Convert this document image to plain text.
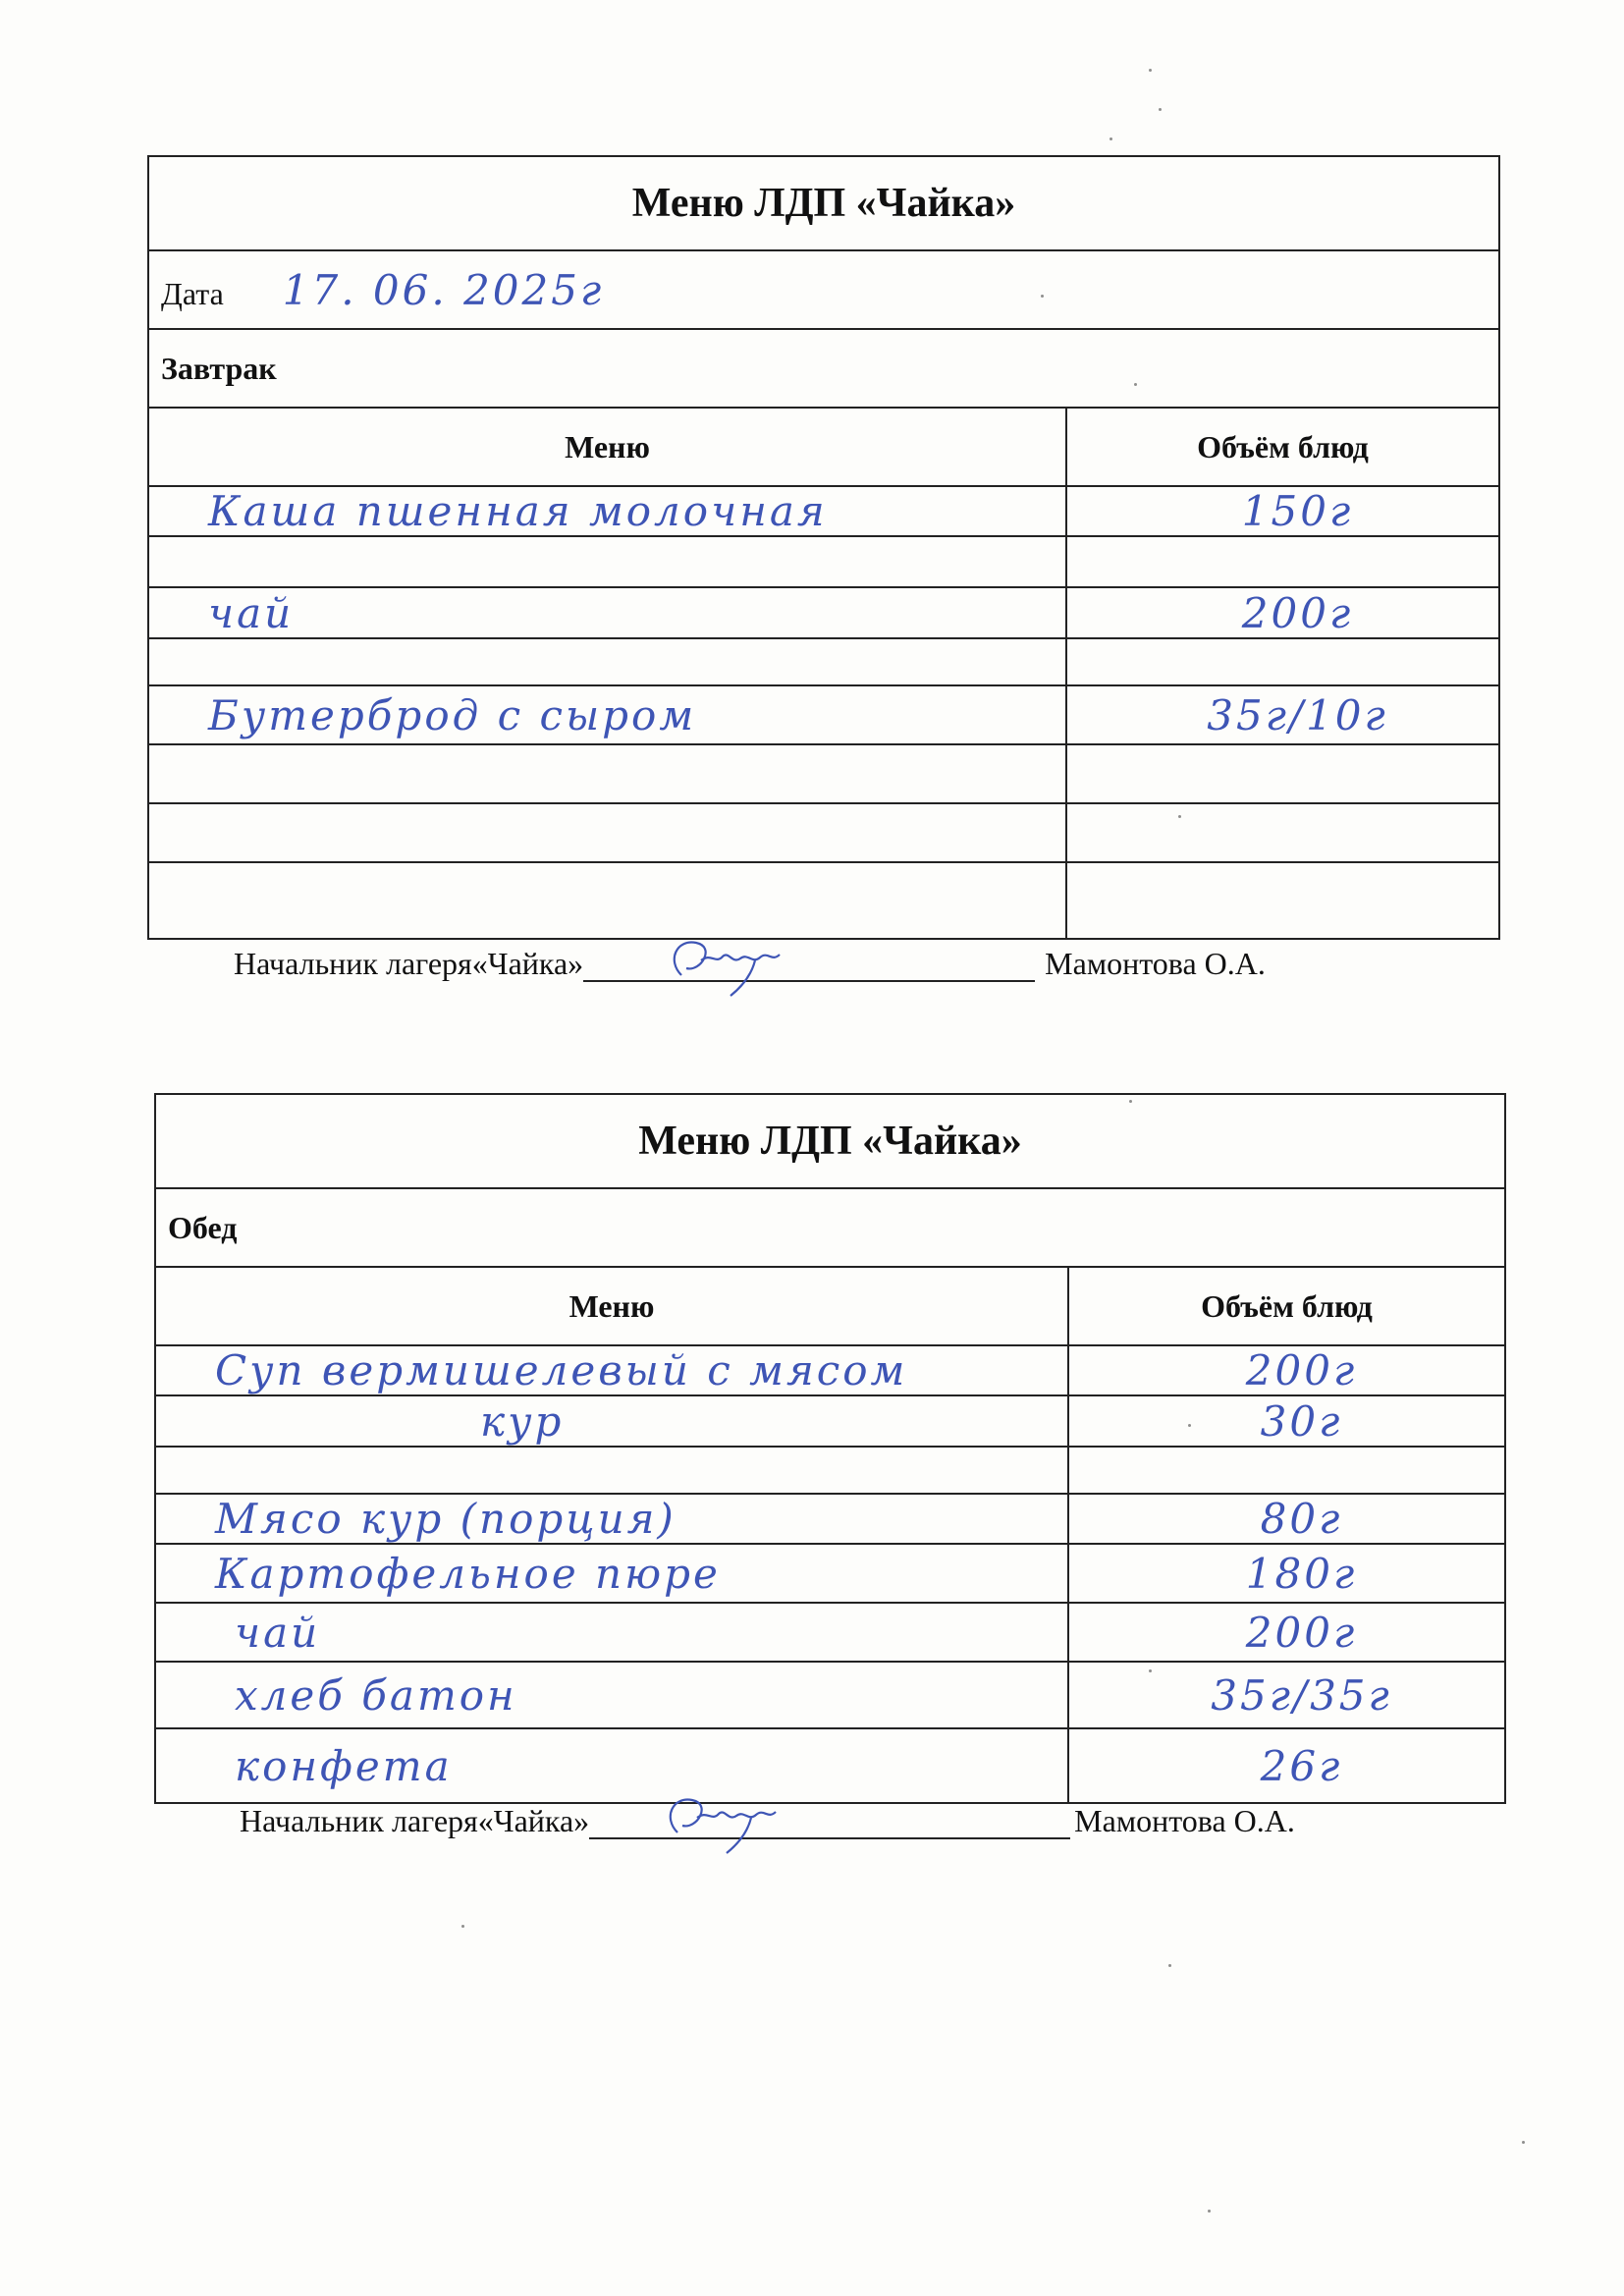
Меню ЛДП «Чайка»	
Дата 17. 06. 2025г	
Завтрак	
Меню	Объём блюд
Каша пшенная молочная	150г

чай	200г

Бутерброд с сыром	35г/10г

Начальник лагеря«Чайка»	Мамонтова О.А.
Меню ЛДП «Чайка»	
Обед	
Меню	Объём блюд
Суп вермишелевый с мясом	200г
кур	30г

Мясо кур (порция)	80г
Картофельное пюре	180г
чай	200г
хлеб батон	35г/35г
конфета	26г
Начальник лагеря«Чайка»	Мамонтова О.А.
